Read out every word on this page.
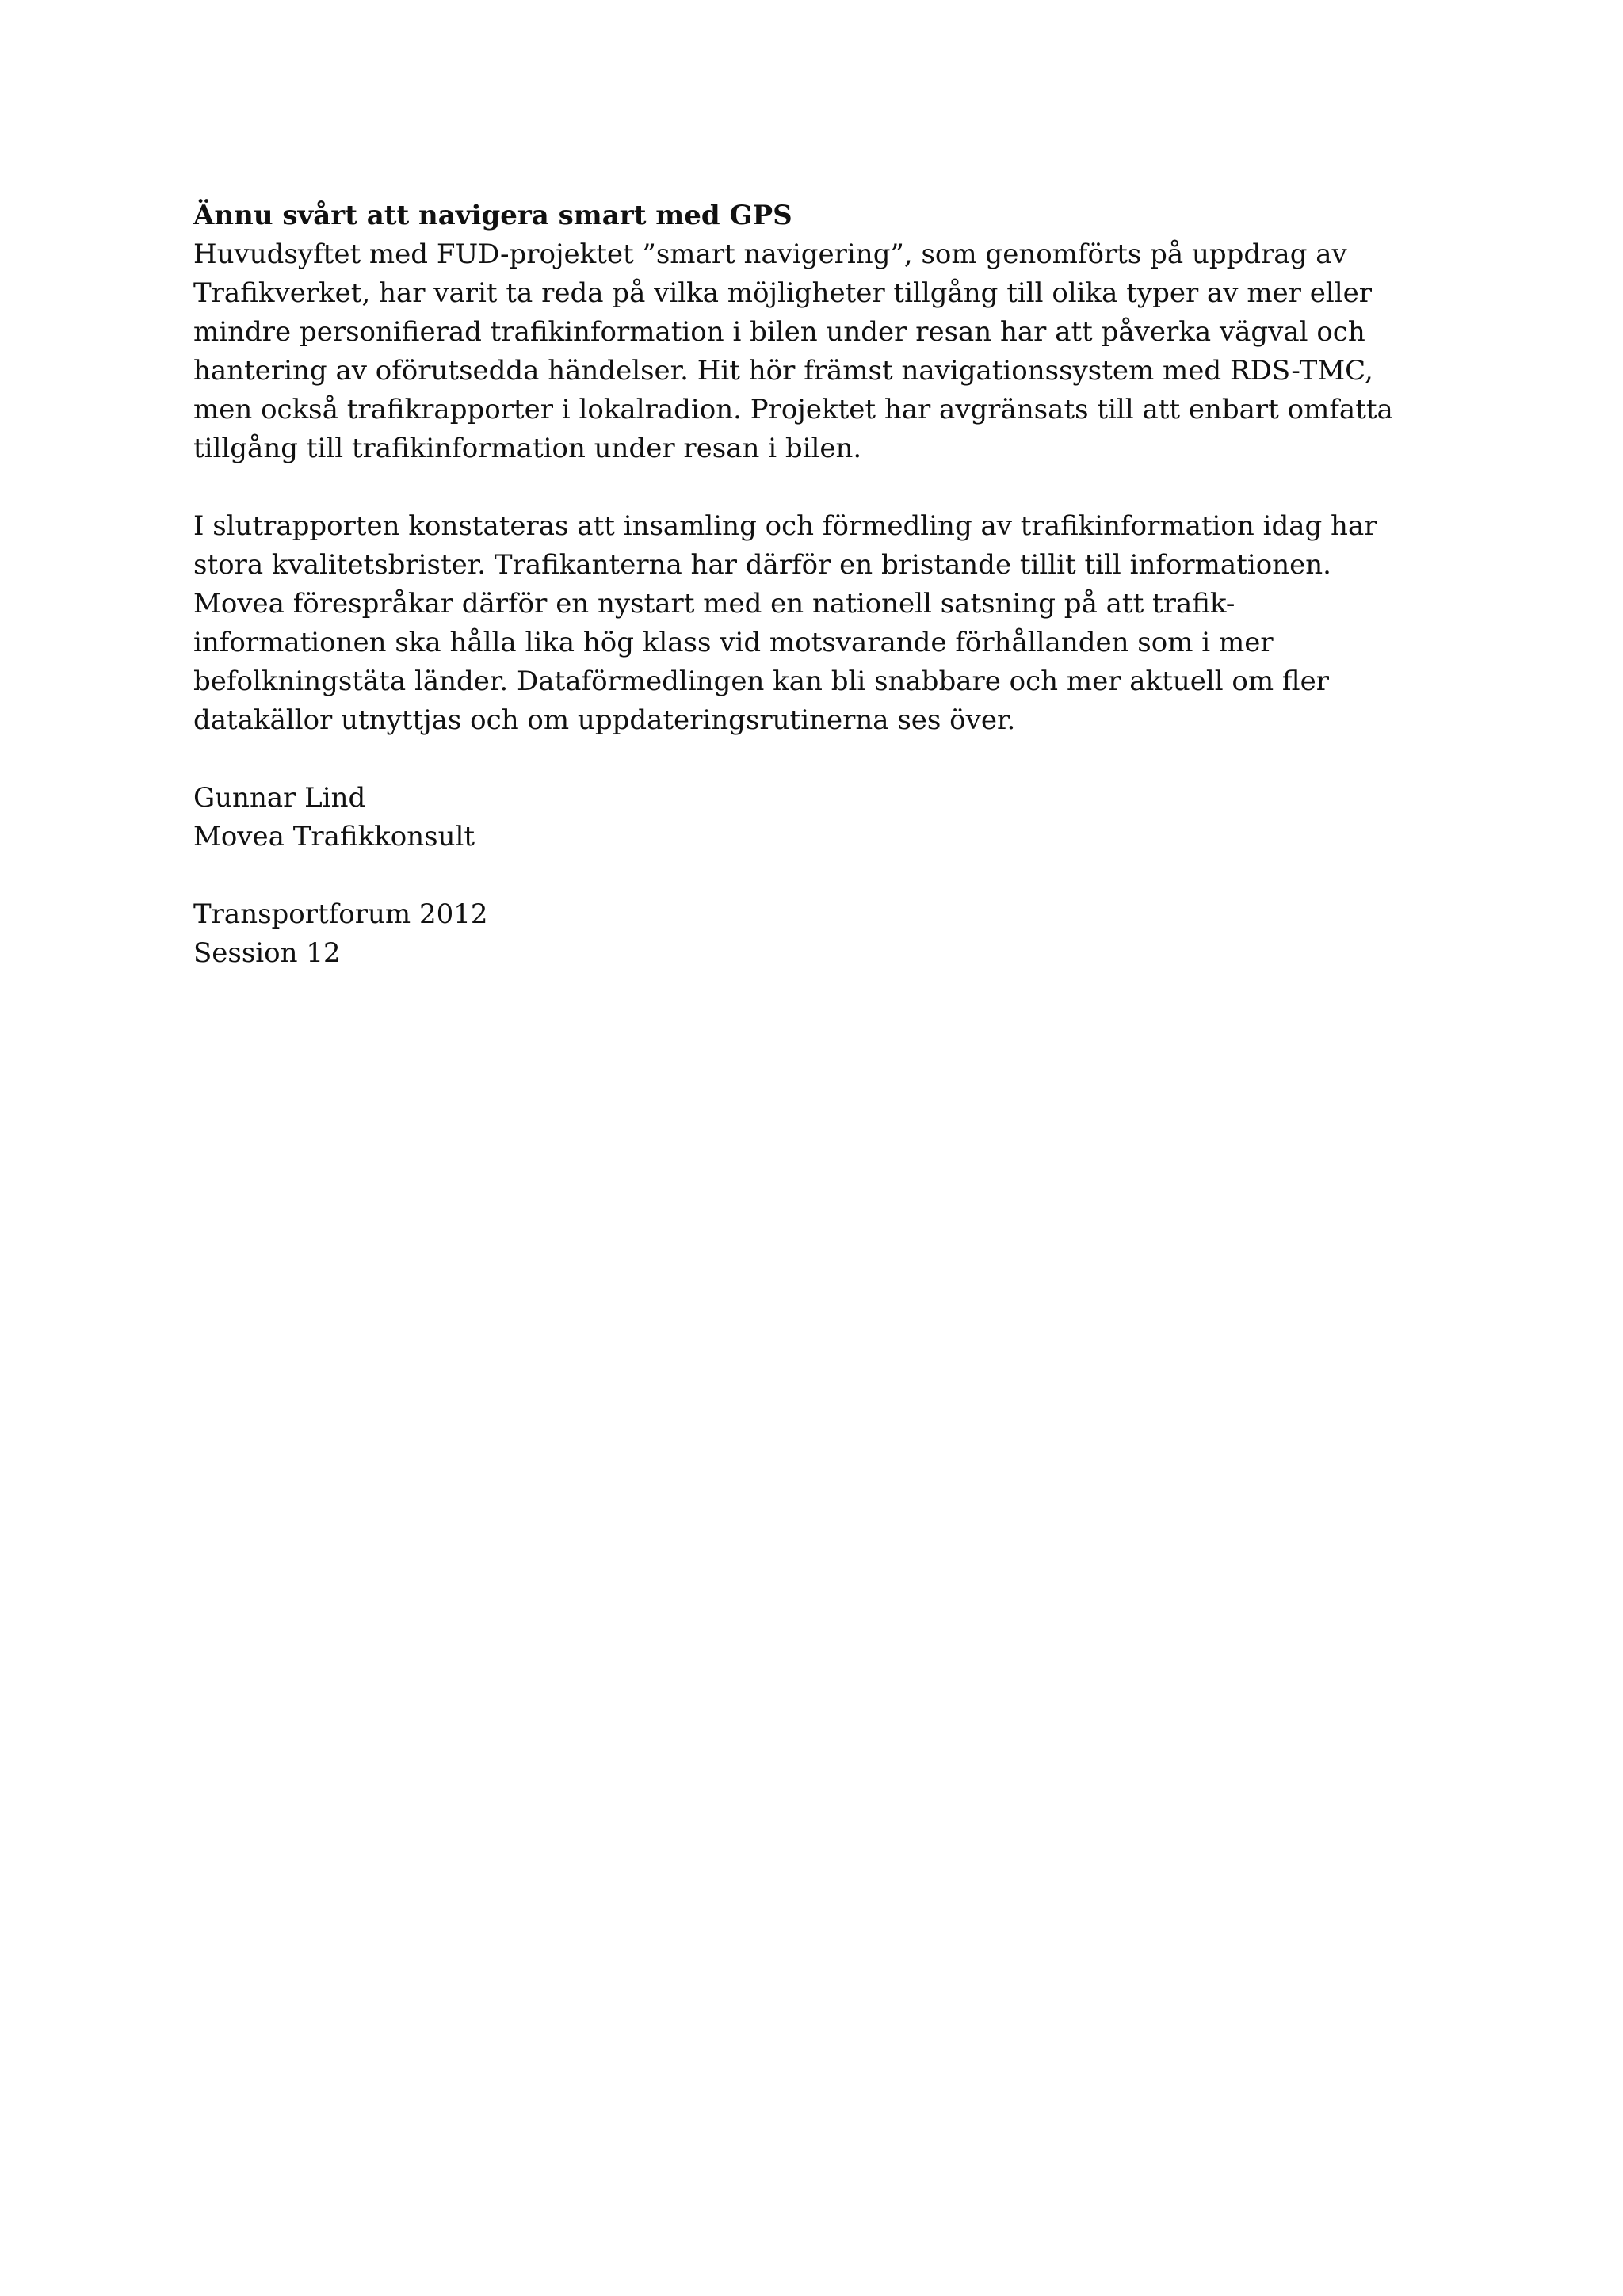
Ännu svårt att navigera smart med GPS

Huvudsyftet med FUD-projektet ”smart navigering”, som genomförts på uppdrag av

Trafikverket, har varit ta reda på vilka möjligheter tillgång till olika typer av mer eller

mindre personifierad trafikinformation i bilen under resan har att påverka vägval och

hantering av oförutsedda händelser. Hit hör främst navigationssystem med RDS-TMC,

men också trafikrapporter i lokalradion. Projektet har avgränsats till att enbart omfatta

tillgång till trafikinformation under resan i bilen.

I slutrapporten konstateras att insamling och förmedling av trafikinformation idag har

stora kvalitetsbrister. Trafikanterna har därför en bristande tillit till informationen.

Movea förespråkar därför en nystart med en nationell satsning på att trafik-

informationen ska hålla lika hög klass vid motsvarande förhållanden som i mer

befolkningstäta länder. Dataförmedlingen kan bli snabbare och mer aktuell om fler

datakällor utnyttjas och om uppdateringsrutinerna ses över.

Gunnar Lind

Movea Trafikkonsult

Transportforum 2012

Session 12
